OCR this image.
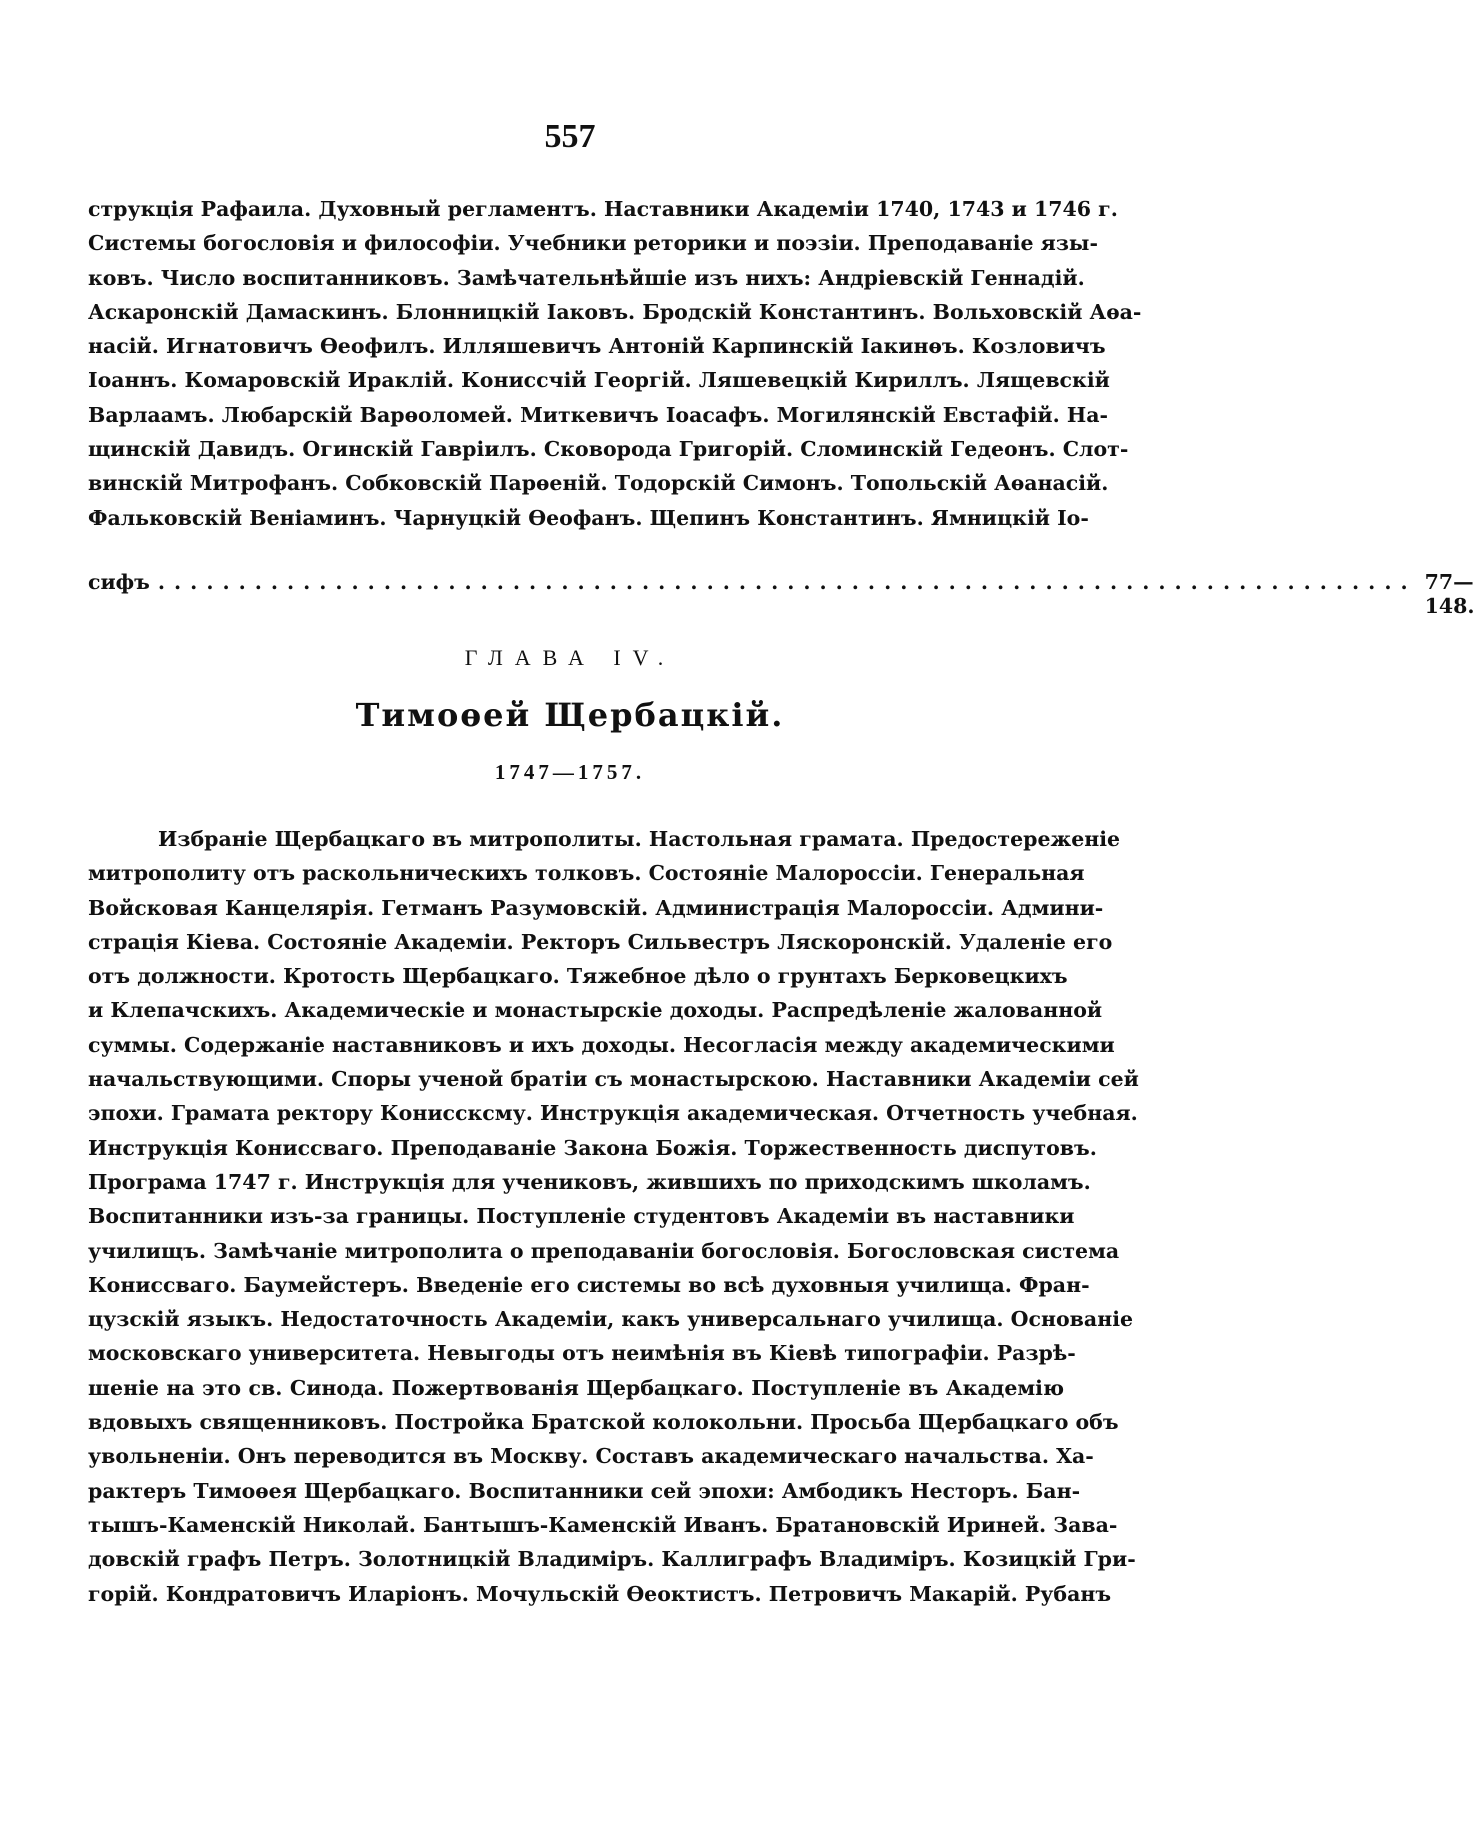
557
струкція Рафаила. Духовный регламентъ. Наставники Академіи 1740, 1743 и 1746 г.
Системы богословія и философіи. Учебники реторики и поэзіи. Преподаваніе язы-
ковъ. Число воспитанниковъ. Замѣчательнѣйшіе изъ нихъ: Андріевскій Геннадій.
Аскаронскій Дамаскинъ. Блонницкій Іаковъ. Бродскій Константинъ. Вольховскій Аѳа-
насій. Игнатовичъ Ѳеофилъ. Илляшевичъ Антоній Карпинскій Іакинѳъ. Козловичъ
Іоаннъ. Комаровскій Ираклій. Кониссчій Георгій. Ляшевецкій Кириллъ. Лящевскій
Варлаамъ. Любарскій Варѳоломей. Миткевичъ Іоасафъ. Могилянскій Евстафій. На-
щинскій Давидъ. Огинскій Гавріилъ. Сковорода Григорій. Сломинскій Гедеонъ. Слот-
винскій Митрофанъ. Собковскій Парѳеній. Тодорскій Симонъ. Топольскій Аѳанасій.
Фальковскій Веніаминъ. Чарнуцкій Ѳеофанъ. Щепинъ Константинъ. Ямницкій Іо-
сифъ .............................................................................. 77—148.
ГЛАВА IV.
Тимоѳей Щербацкій.
1747—1757.
Избраніе Щербацкаго въ митрополиты. Настольная грамата. Предостереженіе
митрополиту отъ раскольническихъ толковъ. Состояніе Малороссіи. Генеральная
Войсковая Канцелярія. Гетманъ Разумовскій. Администрація Малороссіи. Админи-
страція Кіева. Состояніе Академіи. Ректоръ Сильвестръ Ляскоронскій. Удаленіе его
отъ должности. Кротость Щербацкаго. Тяжебное дѣло о грунтахъ Берковецкихъ
и Клепачскихъ. Академическіе и монастырскіе доходы. Распредѣленіе жалованной
суммы. Содержаніе наставниковъ и ихъ доходы. Несогласія между академическими
начальствующими. Споры ученой братіи съ монастырскою. Наставники Академіи сей
эпохи. Грамата ректору Кониссксму. Инструкція академическая. Отчетность учебная.
Инструкція Кониссваго. Преподаваніе Закона Божія. Торжественность диспутовъ.
Програма 1747 г. Инструкція для учениковъ, жившихъ по приходскимъ школамъ.
Воспитанники изъ-за границы. Поступленіе студентовъ Академіи въ наставники
училищъ. Замѣчаніе митрополита о преподаваніи богословія. Богословская система
Кониссваго. Баумейстеръ. Введеніе его системы во всѣ духовныя училища. Фран-
цузскій языкъ. Недостаточность Академіи, какъ универсальнаго училища. Основаніе
московскаго университета. Невыгоды отъ неимѣнія въ Кіевѣ типографіи. Разрѣ-
шеніе на это св. Синода. Пожертвованія Щербацкаго. Поступленіе въ Академію
вдовыхъ священниковъ. Постройка Братской колокольни. Просьба Щербацкаго объ
увольненіи. Онъ переводится въ Москву. Составъ академическаго начальства. Ха-
рактеръ Тимоѳея Щербацкаго. Воспитанники сей эпохи: Амбодикъ Несторъ. Бан-
тышъ-Каменскій Николай. Бантышъ-Каменскій Иванъ. Братановскій Ириней. Зава-
довскій графъ Петръ. Золотницкій Владиміръ. Каллиграфъ Владиміръ. Козицкій Гри-
горій. Кондратовичъ Иларіонъ. Мочульскій Ѳеоктистъ. Петровичъ Макарій. Рубанъ
